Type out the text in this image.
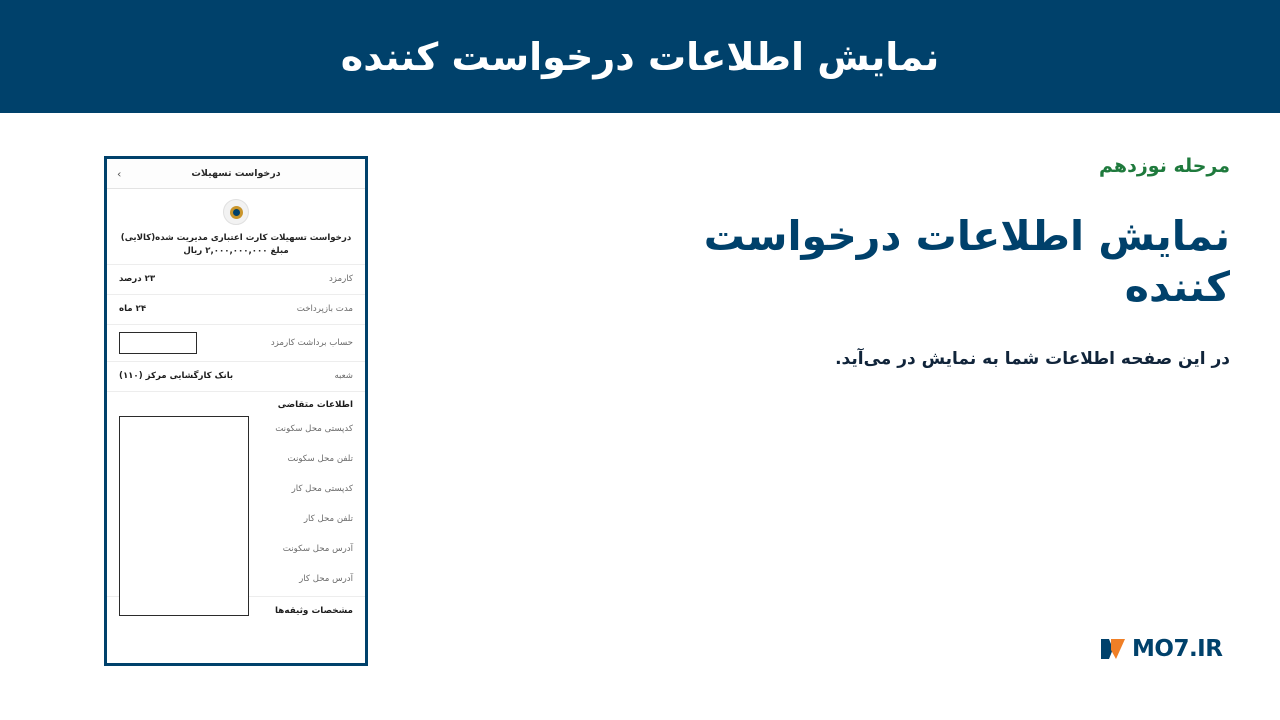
نمایش اطلاعات درخواست کننده
مرحله نوزدهم
نمایش اطلاعات درخواست کننده

در این صفحه اطلاعات شما به نمایش در می‌آید.

درخواست تسهیلات
›
درخواست تسهیلات کارت اعتباری مدیریت شده(کالایی)
مبلغ ۲,۰۰۰,۰۰۰,۰۰۰ ریال
کارمزد
۲۳ درصد
مدت بازپرداخت
۲۴ ماه
حساب برداشت کارمزد
شعبه
بانک کارگشایی مرکز (۱۱۰)
اطلاعات متقاضی
کدپستی محل سکونت
تلفن محل سکونت
کدپستی محل کار
تلفن محل کار
آدرس محل سکونت
آدرس محل کار
مشخصات وثیقه‌ها
MO7.IR
